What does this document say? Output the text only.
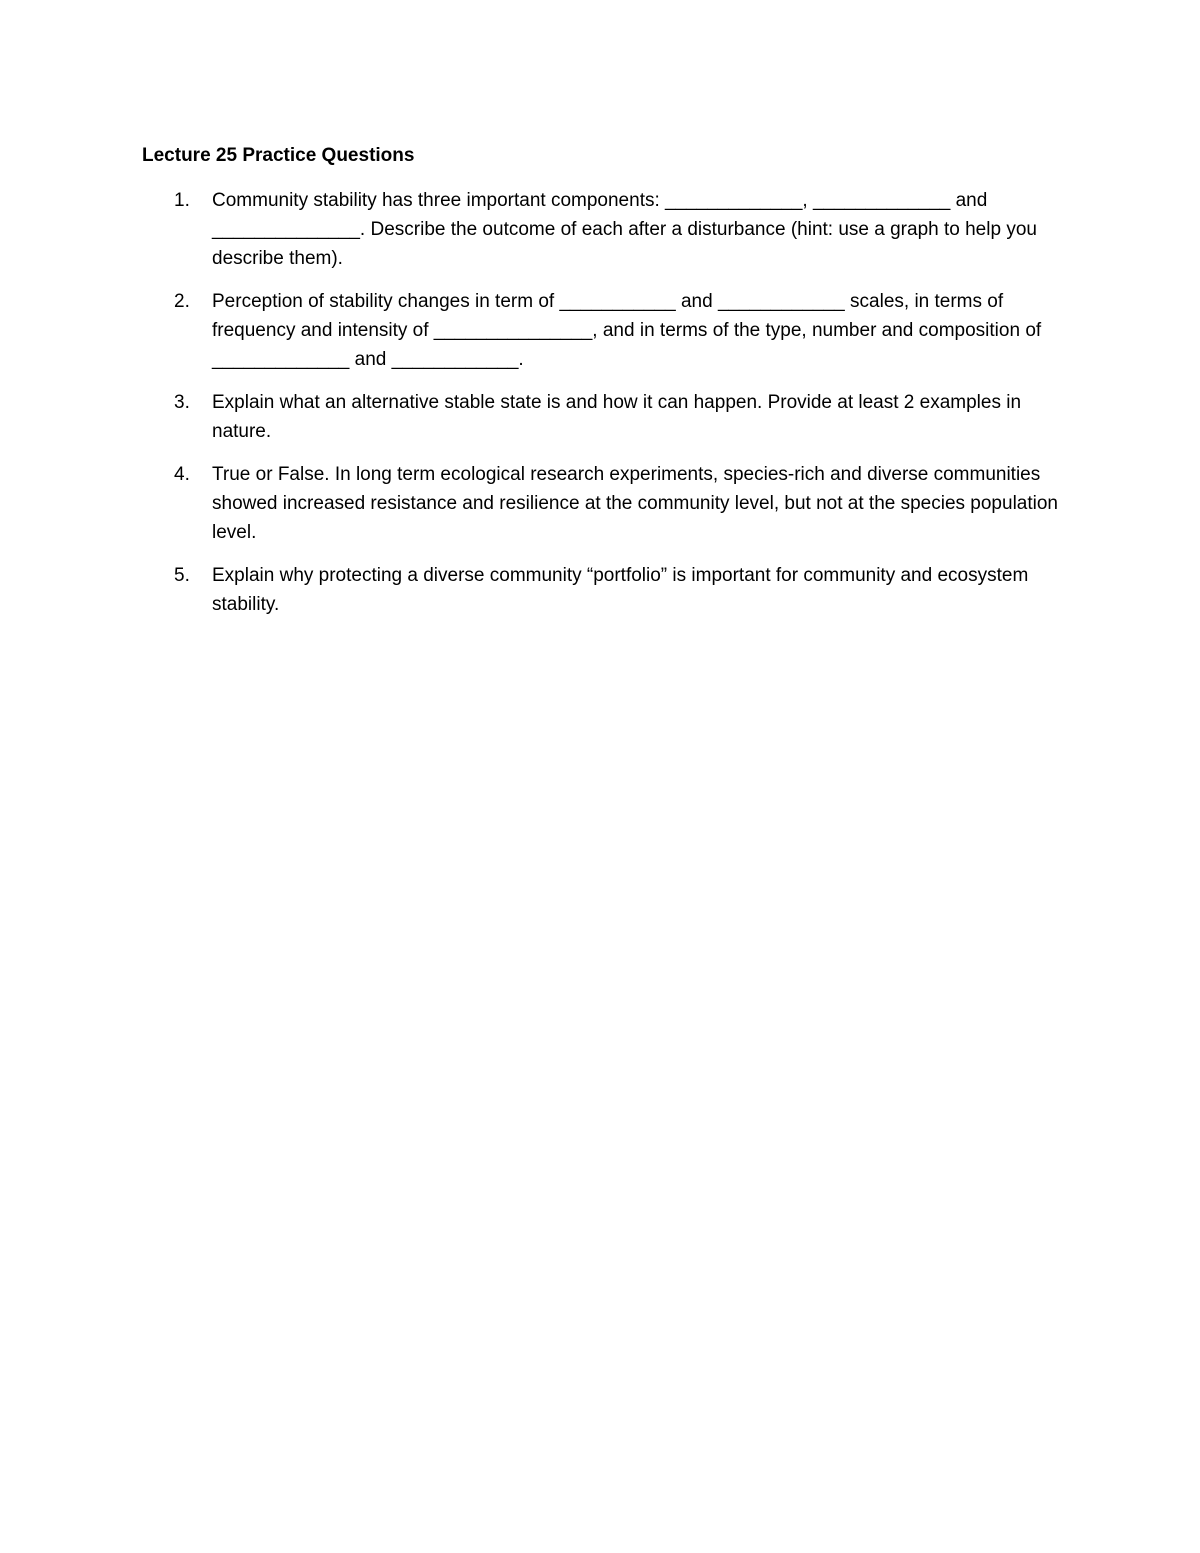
Lecture 25 Practice Questions
1.	Community stability has three important components: _____________, _____________ and ______________. Describe the outcome of each after a disturbance (hint: use a graph to help you describe them).
2.	Perception of stability changes in term of ___________ and ____________ scales, in terms of frequency and intensity of _______________, and in terms of the type, number and composition of _____________ and ____________.
3.	Explain what an alternative stable state is and how it can happen. Provide at least 2 examples in nature.
4.	True or False. In long term ecological research experiments, species-rich and diverse communities showed increased resistance and resilience at the community level, but not at the species population level.
5.	Explain why protecting a diverse community “portfolio” is important for community and ecosystem stability.
